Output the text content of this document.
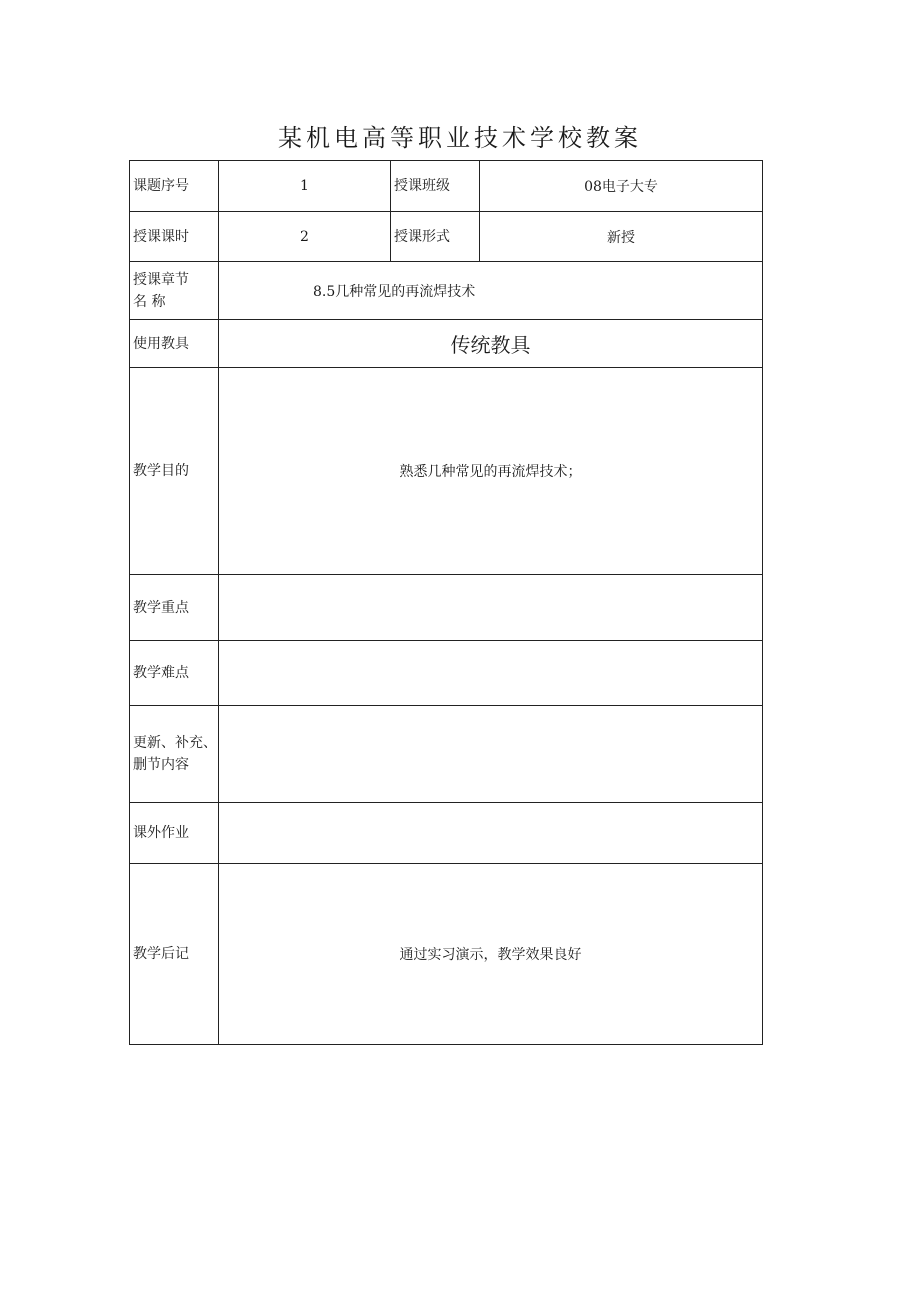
某机电高等职业技术学校教案
课题序号	1	授课班级	08电子大专
授课课时	2	授课形式	新授

授课章节
名 称	8.5几种常见的再流焊技术		
使用教具	传统教具		
教学目的	熟悉几种常见的再流焊技术；		
教学重点			
教学难点			

更新、补充、
删节内容			

课外作业			
教学后记	通过实习演示，教学效果良好		
